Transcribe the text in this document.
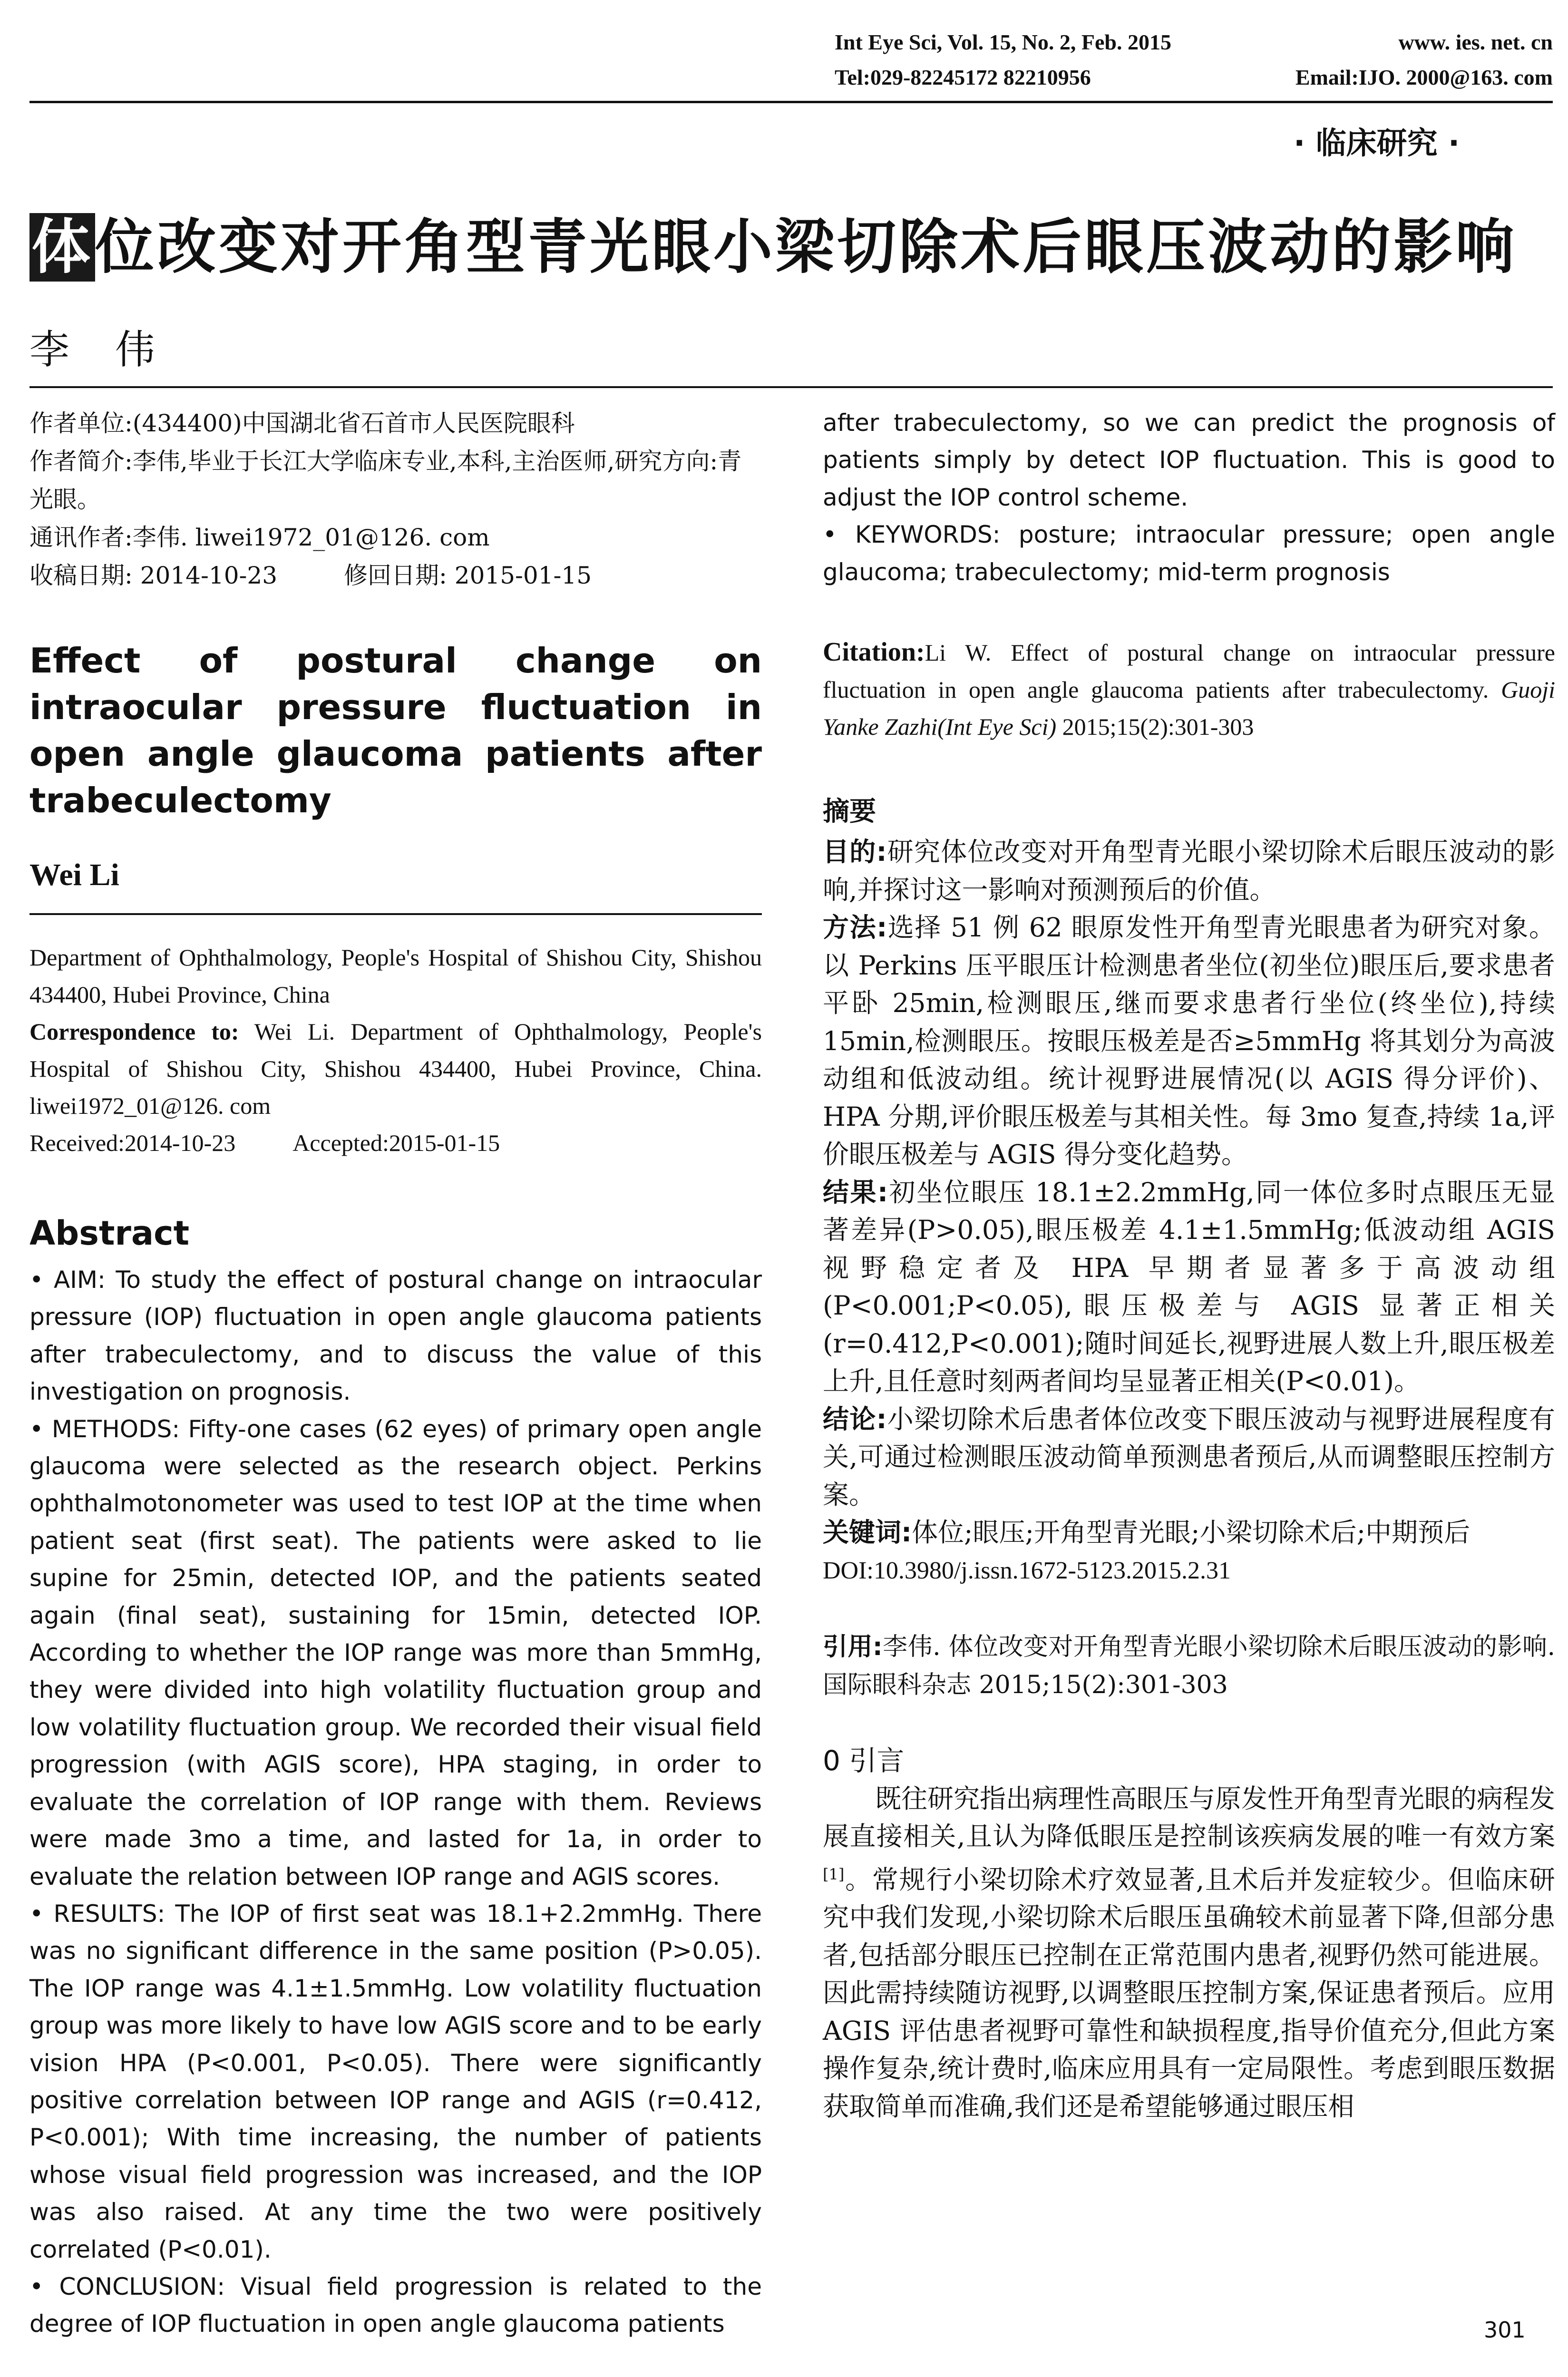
Int Eye Sci, Vol. 15, No. 2, Feb. 2015	www. ies. net. cn
Tel:029-82245172 82210956	Email:IJO. 2000@163. com
· 临床研究 ·
体位改变对开角型青光眼小梁切除术后眼压波动的影响
李伟

作者单位:(434400)中国湖北省石首市人民医院眼科

作者简介:李伟,毕业于长江大学临床专业,本科,主治医师,研究方向:青光眼。

通讯作者:李伟. liwei1972_01@126. com

收稿日期: 2014-10-23	修回日期: 2015-01-15

Effect of postural change on intraocular pressure fluctuation in open angle glaucoma patients after trabeculectomy
Wei Li

Department of Ophthalmology, People's Hospital of Shishou City, Shishou 434400, Hubei Province, China

Correspondence to: Wei Li. Department of Ophthalmology, People's Hospital of Shishou City, Shishou 434400, Hubei Province, China. liwei1972_01@126. com

Received:2014-10-23 Accepted:2015-01-15

Abstract

• AIM: To study the effect of postural change on intraocular pressure (IOP) fluctuation in open angle glaucoma patients after trabeculectomy, and to discuss the value of this investigation on prognosis.

• METHODS: Fifty-one cases (62 eyes) of primary open angle glaucoma were selected as the research object. Perkins ophthalmotonometer was used to test IOP at the time when patient seat (first seat). The patients were asked to lie supine for 25min, detected IOP, and the patients seated again (final seat), sustaining for 15min, detected IOP. According to whether the IOP range was more than 5mmHg, they were divided into high volatility fluctuation group and low volatility fluctuation group. We recorded their visual field progression (with AGIS score), HPA staging, in order to evaluate the correlation of IOP range with them. Reviews were made 3mo a time, and lasted for 1a, in order to evaluate the relation between IOP range and AGIS scores.

• RESULTS: The IOP of first seat was 18.1+2.2mmHg. There was no significant difference in the same position (P>0.05). The IOP range was 4.1±1.5mmHg. Low volatility fluctuation group was more likely to have low AGIS score and to be early vision HPA (P<0.001, P<0.05). There were significantly positive correlation between IOP range and AGIS (r=0.412, P<0.001); With time increasing, the number of patients whose visual field progression was increased, and the IOP was also raised. At any time the two were positively correlated (P<0.01).

• CONCLUSION: Visual field progression is related to the degree of IOP fluctuation in open angle glaucoma patients

after trabeculectomy, so we can predict the prognosis of patients simply by detect IOP fluctuation. This is good to adjust the IOP control scheme.

• KEYWORDS: posture; intraocular pressure; open angle glaucoma; trabeculectomy; mid-term prognosis

Citation:Li W. Effect of postural change on intraocular pressure fluctuation in open angle glaucoma patients after trabeculectomy. Guoji Yanke Zazhi(Int Eye Sci) 2015;15(2):301-303
摘要

目的:研究体位改变对开角型青光眼小梁切除术后眼压波动的影响,并探讨这一影响对预测预后的价值。

方法:选择 51 例 62 眼原发性开角型青光眼患者为研究对象。以 Perkins 压平眼压计检测患者坐位(初坐位)眼压后,要求患者平卧 25min,检测眼压,继而要求患者行坐位(终坐位),持续 15min,检测眼压。按眼压极差是否≥5mmHg 将其划分为高波动组和低波动组。统计视野进展情况(以 AGIS 得分评价)、HPA 分期,评价眼压极差与其相关性。每 3mo 复查,持续 1a,评价眼压极差与 AGIS 得分变化趋势。

结果:初坐位眼压 18.1±2.2mmHg,同一体位多时点眼压无显著差异(P>0.05),眼压极差 4.1±1.5mmHg;低波动组 AGIS 视野稳定者及 HPA 早期者显著多于高波动组(P<0.001;P<0.05),眼压极差与 AGIS 显著正相关(r=0.412,P<0.001);随时间延长,视野进展人数上升,眼压极差上升,且任意时刻两者间均呈显著正相关(P<0.01)。

结论:小梁切除术后患者体位改变下眼压波动与视野进展程度有关,可通过检测眼压波动简单预测患者预后,从而调整眼压控制方案。

关键词:体位;眼压;开角型青光眼;小梁切除术后;中期预后

DOI:10.3980/j.issn.1672-5123.2015.2.31

引用:李伟. 体位改变对开角型青光眼小梁切除术后眼压波动的影响. 国际眼科杂志 2015;15(2):301-303
0 引言
既往研究指出病理性高眼压与原发性开角型青光眼的病程发展直接相关,且认为降低眼压是控制该疾病发展的唯一有效方案[1]。常规行小梁切除术疗效显著,且术后并发症较少。但临床研究中我们发现,小梁切除术后眼压虽确较术前显著下降,但部分患者,包括部分眼压已控制在正常范围内患者,视野仍然可能进展。因此需持续随访视野,以调整眼压控制方案,保证患者预后。应用 AGIS 评估患者视野可靠性和缺损程度,指导价值充分,但此方案操作复杂,统计费时,临床应用具有一定局限性。考虑到眼压数据获取简单而准确,我们还是希望能够通过眼压相
301
